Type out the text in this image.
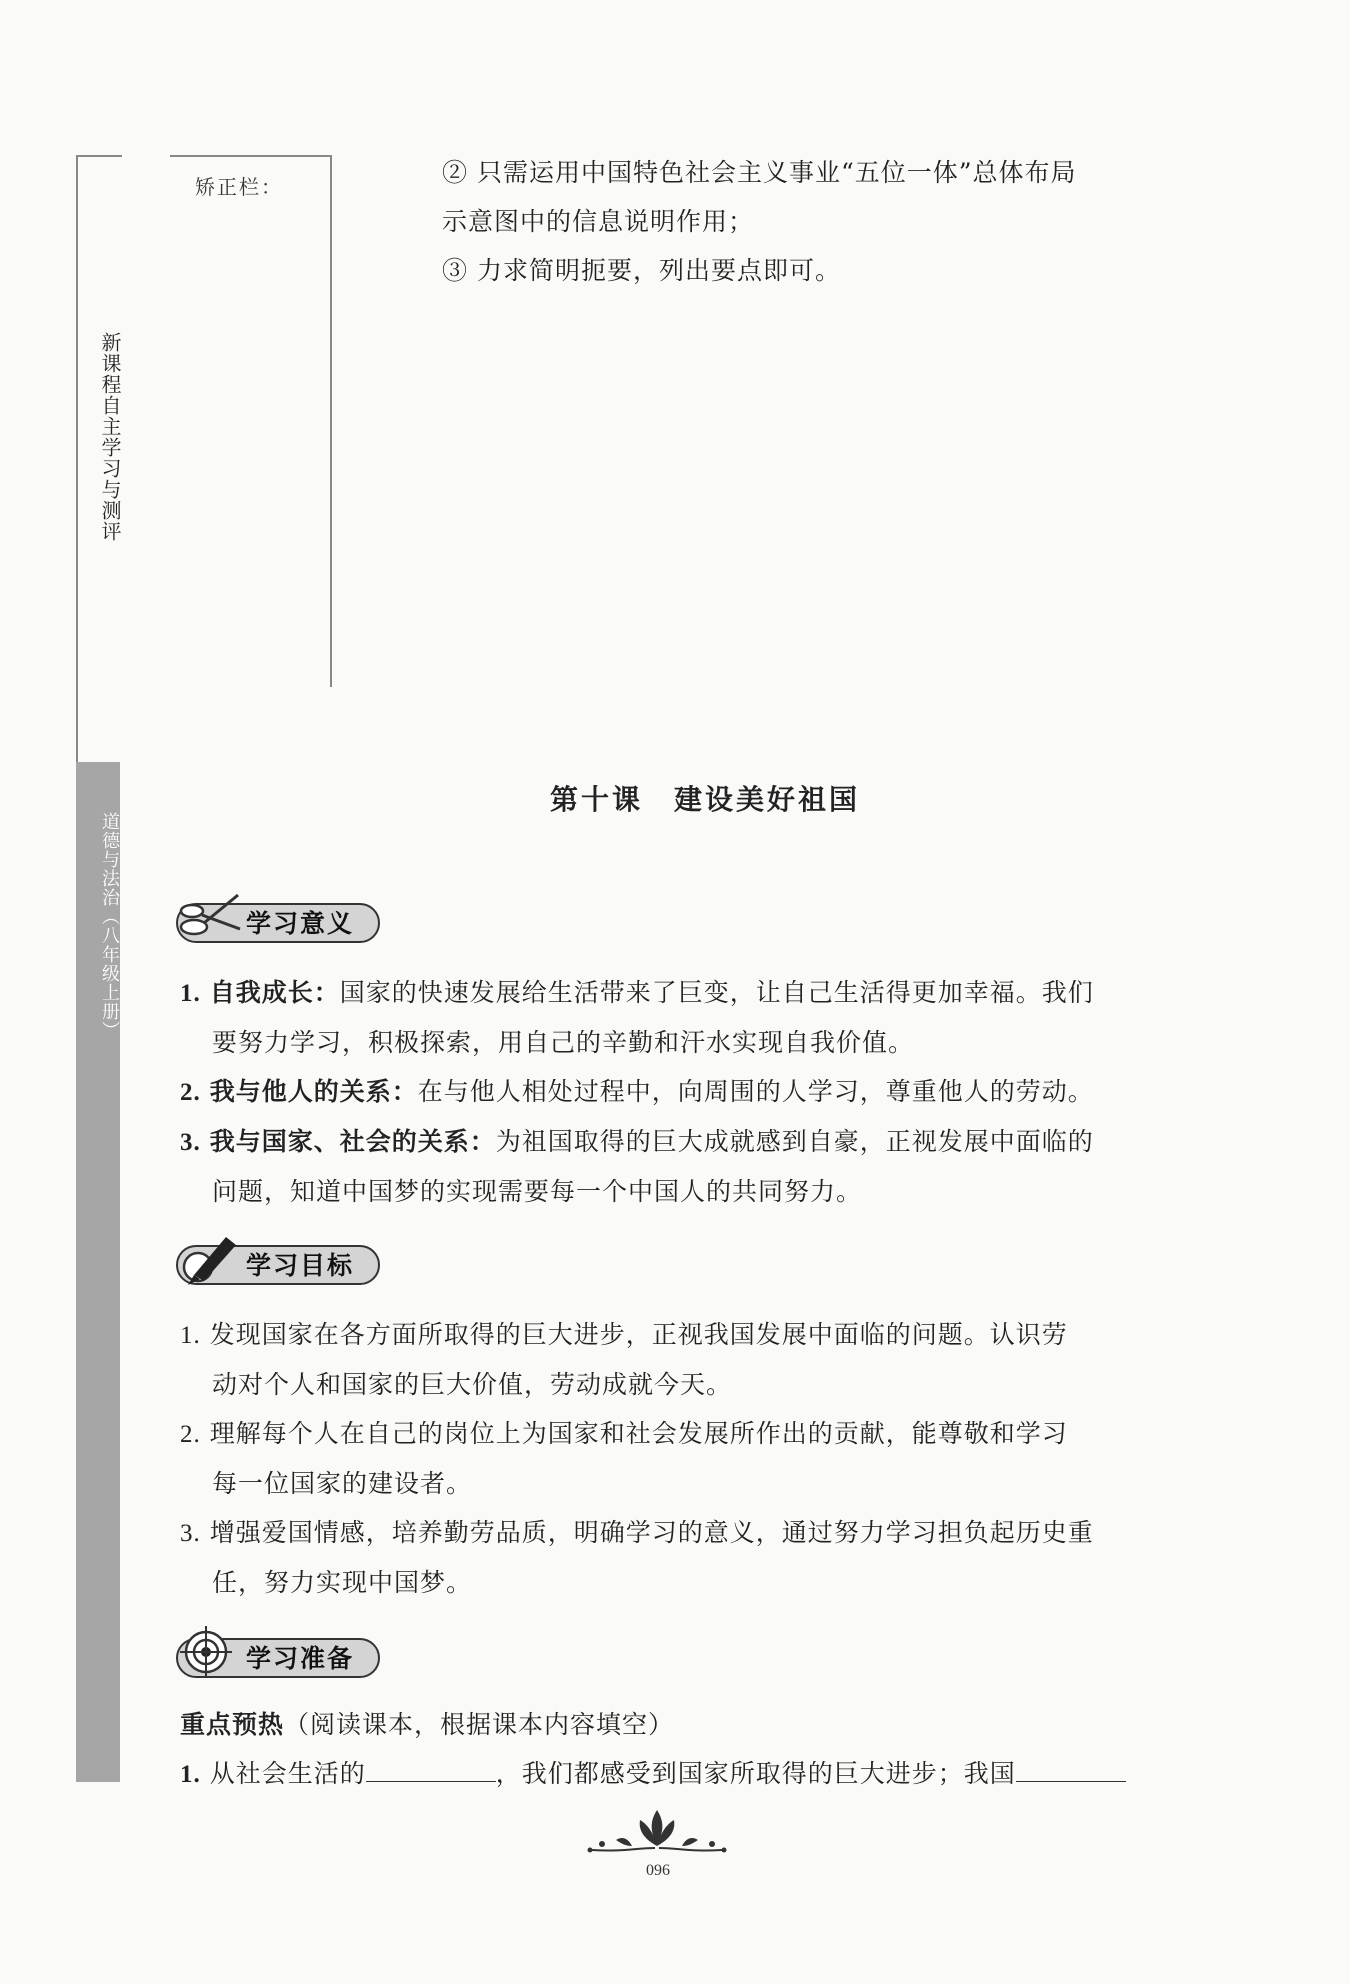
新课程自主学习与测评
道德与法治（八年级上册）
矫正栏：	② 只需运用中国特色社会主义事业“五位一体”总体布局

示意图中的信息说明作用；

③ 力求简明扼要，列出要点即可。

第十课　建设美好祖国
学习意义

1. 自我成长：国家的快速发展给生活带来了巨变，让自己生活得更加幸福。我们

要努力学习，积极探索，用自己的辛勤和汗水实现自我价值。

2. 我与他人的关系：在与他人相处过程中，向周围的人学习，尊重他人的劳动。

3. 我与国家、社会的关系：为祖国取得的巨大成就感到自豪，正视发展中面临的

问题，知道中国梦的实现需要每一个中国人的共同努力。

学习目标

1. 发现国家在各方面所取得的巨大进步，正视我国发展中面临的问题。认识劳

动对个人和国家的巨大价值，劳动成就今天。

2. 理解每个人在自己的岗位上为国家和社会发展所作出的贡献，能尊敬和学习

每一位国家的建设者。

3. 增强爱国情感，培养勤劳品质，明确学习的意义，通过努力学习担负起历史重

任，努力实现中国梦。

学习准备

重点预热（阅读课本，根据课本内容填空）

1. 从社会生活的	，我们都感受到国家所取得的巨大进步；我国

096
